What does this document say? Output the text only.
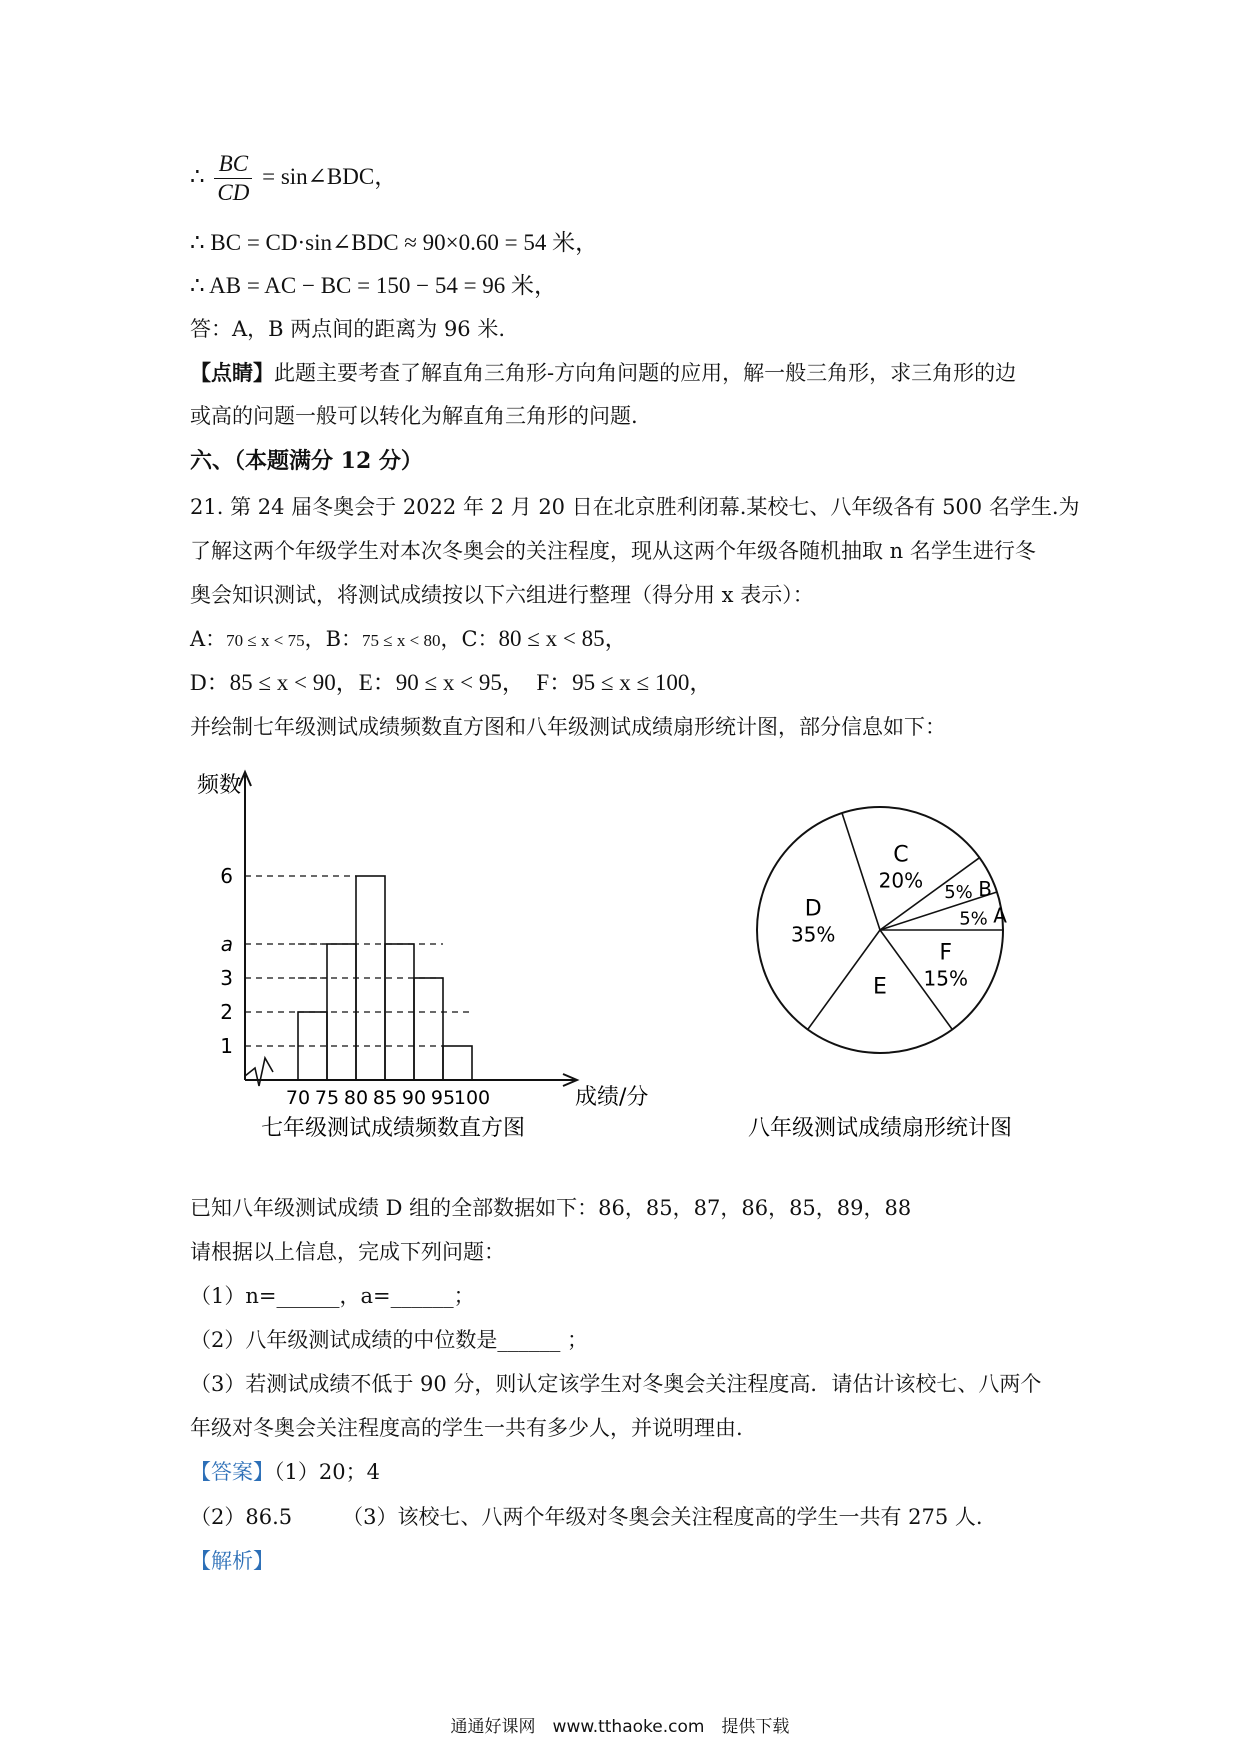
∴ $\frac{BC}{CD}$ = sin∠BDC，
∴ BC = CD·sin∠BDC ≈ 90×0.60 = 54 米，
∴ AB = AC − BC = 150 − 54 = 96 米，
答：A，B 两点间的距离为 96 米.
【点睛】此题主要考查了解直角三角形-方向角问题的应用，解一般三角形，求三角形的边
或高的问题一般可以转化为解直角三角形的问题.
六、（本题满分 12 分）
21. 第 24 届冬奥会于 2022 年 2 月 20 日在北京胜利闭幕.某校七、八年级各有 500 名学生.为
了解这两个年级学生对本次冬奥会的关注程度，现从这两个年级各随机抽取 n 名学生进行冬
奥会知识测试，将测试成绩按以下六组进行整理（得分用 x 表示）：
A：70 ≤ x < 75，B：75 ≤ x < 80，C：80 ≤ x < 85，
D：85 ≤ x < 90，E：90 ≤ x < 95，　F：95 ≤ x ≤ 100，
并绘制七年级测试成绩频数直方图和八年级测试成绩扇形统计图，部分信息如下：
频数
1
2
3
a
6
70 75 80 85 90 95
100	成绩/分
七年级测试成绩频数直方图
A
5%
B
5%
C
20%
D
35%
E
F
15%
八年级测试成绩扇形统计图
已知八年级测试成绩 D 组的全部数据如下：86，85，87，86，85，89，88
请根据以上信息，完成下列问题：
（1）n=______，a=______；
（2）八年级测试成绩的中位数是______ ；
（3）若测试成绩不低于 90 分，则认定该学生对冬奥会关注程度高．请估计该校七、八两个
年级对冬奥会关注程度高的学生一共有多少人，并说明理由.
【答案】（1）20；4
（2）86.5 （3）该校七、八两个年级对冬奥会关注程度高的学生一共有 275 人.
【解析】
通通好课网　www.tthaoke.com　提供下载
